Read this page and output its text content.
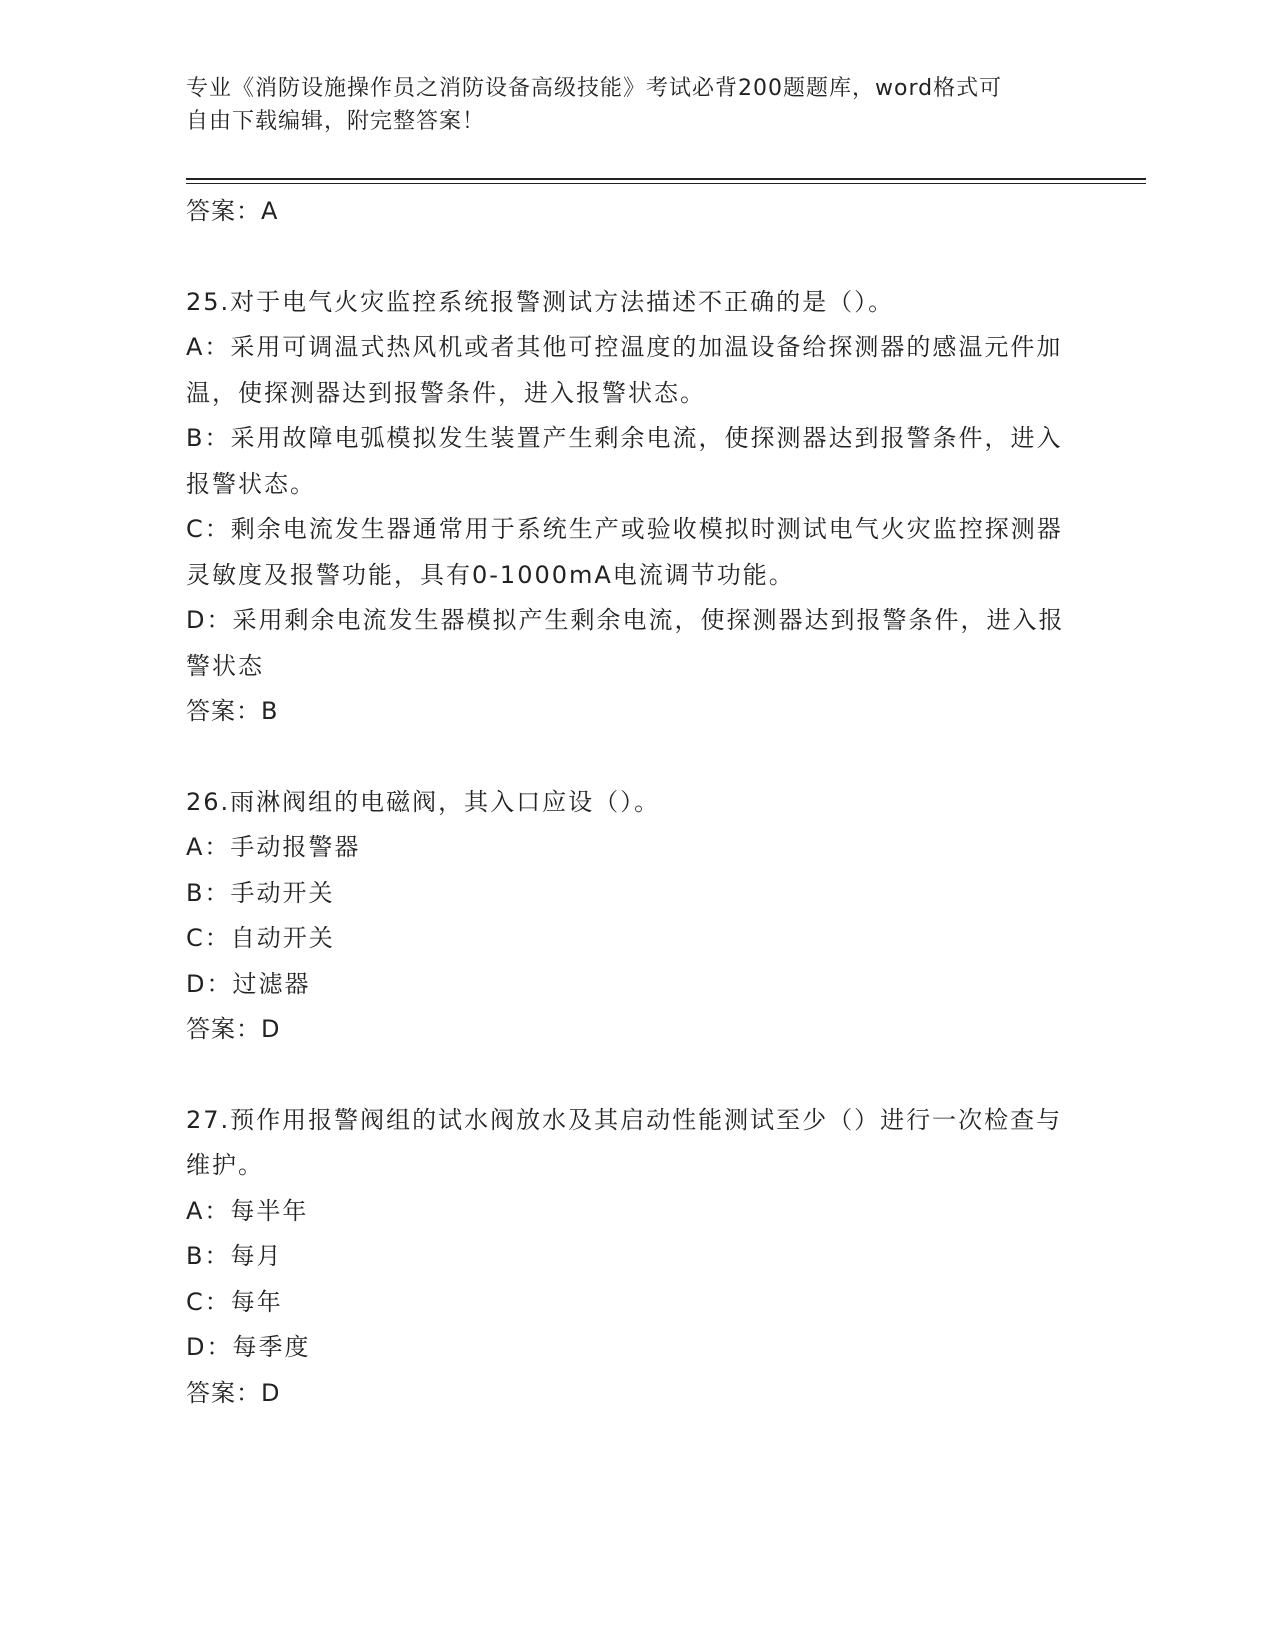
专业《消防设施操作员之消防设备高级技能》考试必背200题题库，word格式可
自由下载编辑，附完整答案！

答案：A

25.对于电气火灾监控系统报警测试方法描述不正确的是（）。

A：采用可调温式热风机或者其他可控温度的加温设备给探测器的感温元件加温，使探测器达到报警条件，进入报警状态。

B：采用故障电弧模拟发生装置产生剩余电流，使探测器达到报警条件，进入报警状态。

C：剩余电流发生器通常用于系统生产或验收模拟时测试电气火灾监控探测器灵敏度及报警功能，具有0-1000mA电流调节功能。

D：采用剩余电流发生器模拟产生剩余电流，使探测器达到报警条件，进入报警状态

答案：B

26.雨淋阀组的电磁阀，其入口应设（）。

A：手动报警器

B：手动开关

C：自动开关

D：过滤器

答案：D

27.预作用报警阀组的试水阀放水及其启动性能测试至少（）进行一次检查与维护。

A：每半年

B：每月

C：每年

D：每季度

答案：D
